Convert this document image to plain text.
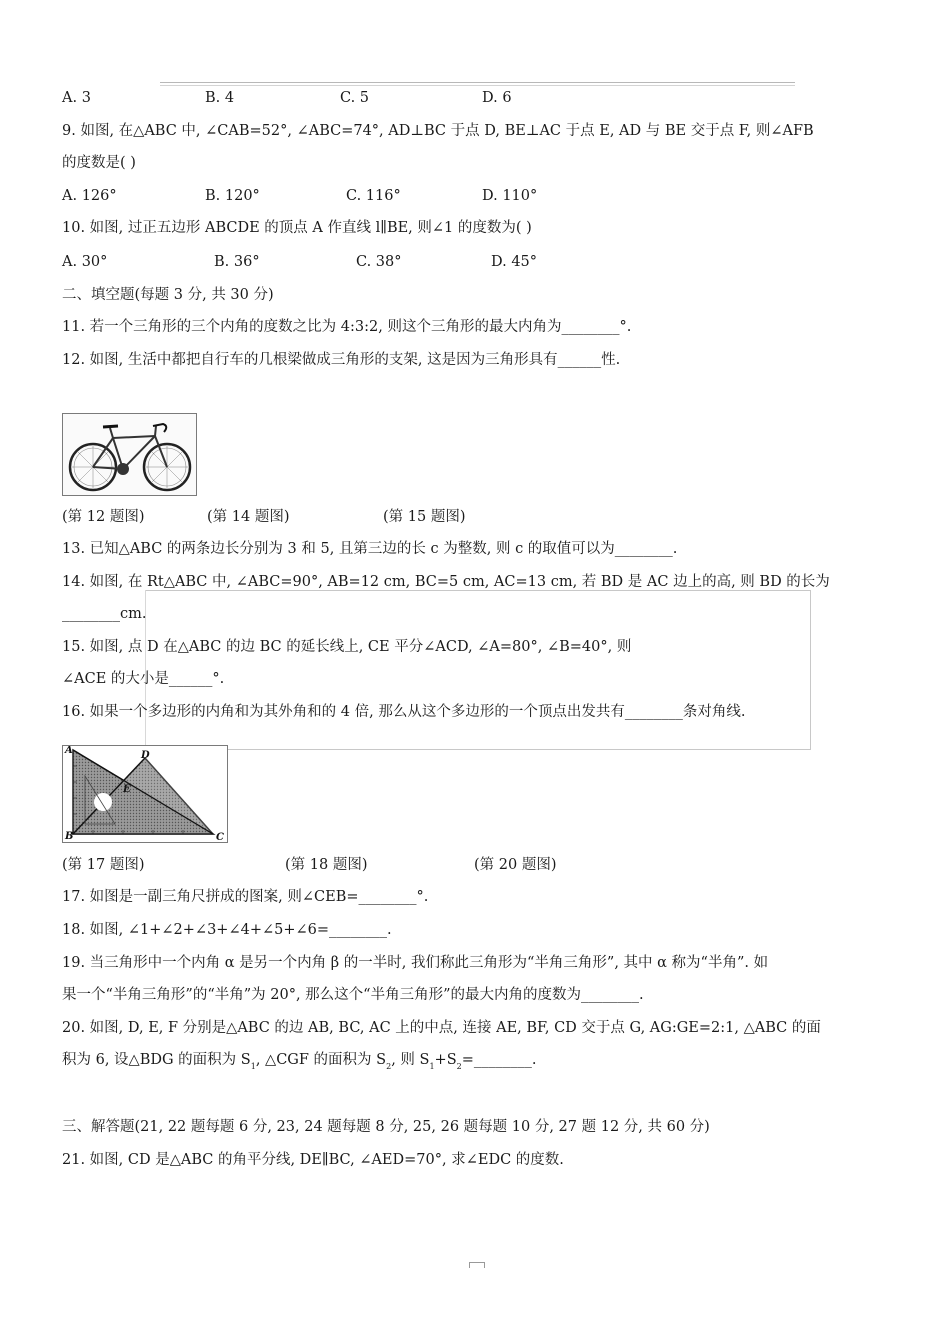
A. 3	B. 4	C. 5	D. 6
9. 如图, 在△ABC 中, ∠CAB=52°, ∠ABC=74°, AD⊥BC 于点 D, BE⊥AC 于点 E, AD 与 BE 交于点 F, 则∠AFB
的度数是( )
A. 126°	B. 120°	C. 116°	D. 110°
10. 如图, 过正五边形 ABCDE 的顶点 A 作直线 l∥BE, 则∠1 的度数为( )
A. 30°	B. 36°	C. 38°	D. 45°
二、填空题(每题 3 分, 共 30 分)
11. 若一个三角形的三个内角的度数之比为 4:3:2, 则这个三角形的最大内角为________°.
12. 如图, 生活中都把自行车的几根梁做成三角形的支架, 这是因为三角形具有______性.
(第 12 题图)	(第 14 题图)	(第 15 题图)
13. 已知△ABC 的两条边长分别为 3 和 5, 且第三边的长 c 为整数, 则 c 的取值可以为________.
14. 如图, 在 Rt△ABC 中, ∠ABC=90°, AB=12 cm, BC=5 cm, AC=13 cm, 若 BD 是 AC 边上的高, 则 BD 的长为
________cm.
15. 如图, 点 D 在△ABC 的边 BC 的延长线上, CE 平分∠ACD, ∠A=80°, ∠B=40°, 则
∠ACE 的大小是______°.
16. 如果一个多边形的内角和为其外角和的 4 倍, 那么从这个多边形的一个顶点出发共有________条对角线.
A
B	C
D
E
(第 17 题图)	(第 18 题图)	(第 20 题图)
17. 如图是一副三角尺拼成的图案, 则∠CEB=________°.
18. 如图, ∠1+∠2+∠3+∠4+∠5+∠6=________.
19. 当三角形中一个内角 α 是另一个内角 β 的一半时, 我们称此三角形为“半角三角形”, 其中 α 称为“半角”. 如
果一个“半角三角形”的“半角”为 20°, 那么这个“半角三角形”的最大内角的度数为________.
20. 如图, D, E, F 分别是△ABC 的边 AB, BC, AC 上的中点, 连接 AE, BF, CD 交于点 G, AG:GE=2:1, △ABC 的面
积为 6, 设△BDG 的面积为 $S_1$, △CGF 的面积为 $S_2$, 则 $S_1+S_2=\_\_\_\_\_\_\_\_$.
三、解答题(21, 22 题每题 6 分, 23, 24 题每题 8 分, 25, 26 题每题 10 分, 27 题 12 分, 共 60 分)
21. 如图, CD 是△ABC 的角平分线, DE∥BC, ∠AED=70°, 求∠EDC 的度数.
